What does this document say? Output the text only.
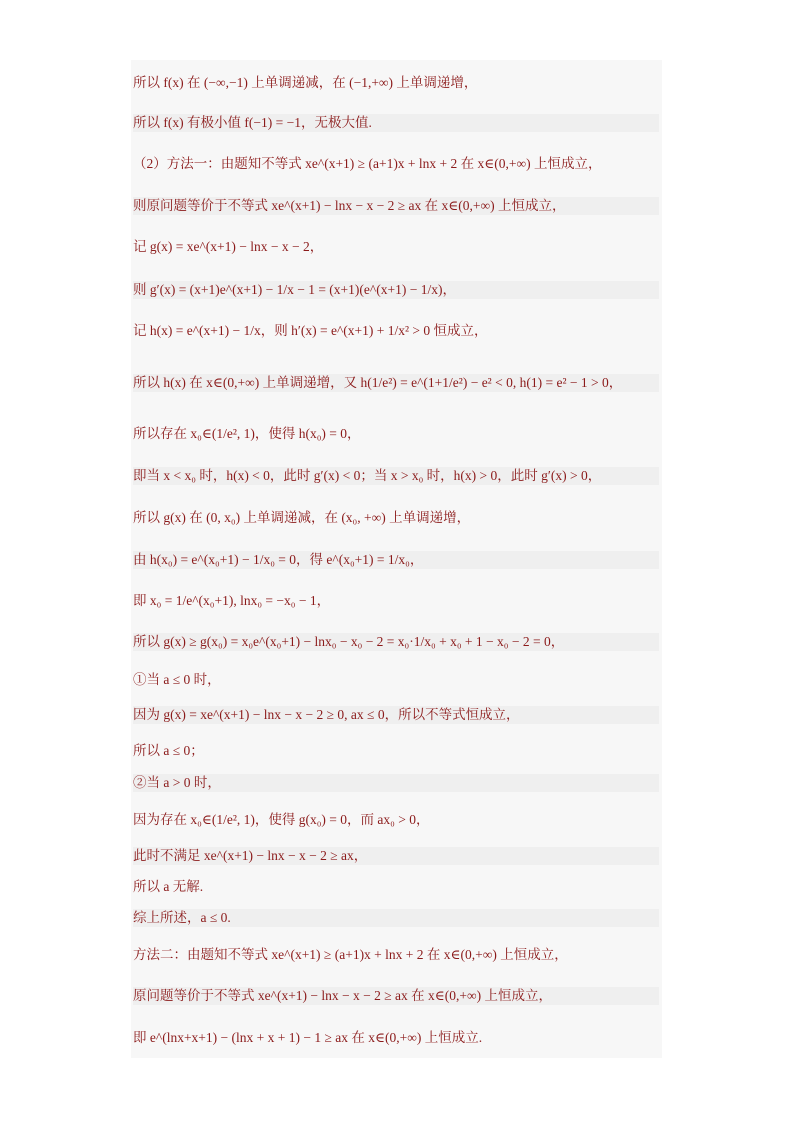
所以 f(x) 在 (−∞,−1) 上单调递减，在 (−1,+∞) 上单调递增，
所以 f(x) 有极小值 f(−1) = −1，无极大值.
（2）方法一：由题知不等式 xe^(x+1) ≥ (a+1)x + lnx + 2 在 x∈(0,+∞) 上恒成立，
则原问题等价于不等式 xe^(x+1) − lnx − x − 2 ≥ ax 在 x∈(0,+∞) 上恒成立，
记 g(x) = xe^(x+1) − lnx − x − 2，
则 g′(x) = (x+1)e^(x+1) − 1/x − 1 = (x+1)(e^(x+1) − 1/x)，
记 h(x) = e^(x+1) − 1/x，则 h′(x) = e^(x+1) + 1/x² > 0 恒成立，
所以 h(x) 在 x∈(0,+∞) 上单调递增，又 h(1/e²) = e^(1+1/e²) − e² < 0, h(1) = e² − 1 > 0，
所以存在 x₀∈(1/e², 1)，使得 h(x₀) = 0，
即当 x < x₀ 时，h(x) < 0，此时 g′(x) < 0；当 x > x₀ 时，h(x) > 0，此时 g′(x) > 0，
所以 g(x) 在 (0, x₀) 上单调递减，在 (x₀, +∞) 上单调递增，
由 h(x₀) = e^(x₀+1) − 1/x₀ = 0，得 e^(x₀+1) = 1/x₀，
即 x₀ = 1/e^(x₀+1), lnx₀ = −x₀ − 1，
所以 g(x) ≥ g(x₀) = x₀e^(x₀+1) − lnx₀ − x₀ − 2 = x₀·1/x₀ + x₀ + 1 − x₀ − 2 = 0，
①当 a ≤ 0 时，
因为 g(x) = xe^(x+1) − lnx − x − 2 ≥ 0, ax ≤ 0，所以不等式恒成立，
所以 a ≤ 0；
②当 a > 0 时，
因为存在 x₀∈(1/e², 1)，使得 g(x₀) = 0，而 ax₀ > 0，
此时不满足 xe^(x+1) − lnx − x − 2 ≥ ax，
所以 a 无解.
综上所述，a ≤ 0.
方法二：由题知不等式 xe^(x+1) ≥ (a+1)x + lnx + 2 在 x∈(0,+∞) 上恒成立，
原问题等价于不等式 xe^(x+1) − lnx − x − 2 ≥ ax 在 x∈(0,+∞) 上恒成立，
即 e^(lnx+x+1) − (lnx + x + 1) − 1 ≥ ax 在 x∈(0,+∞) 上恒成立.
